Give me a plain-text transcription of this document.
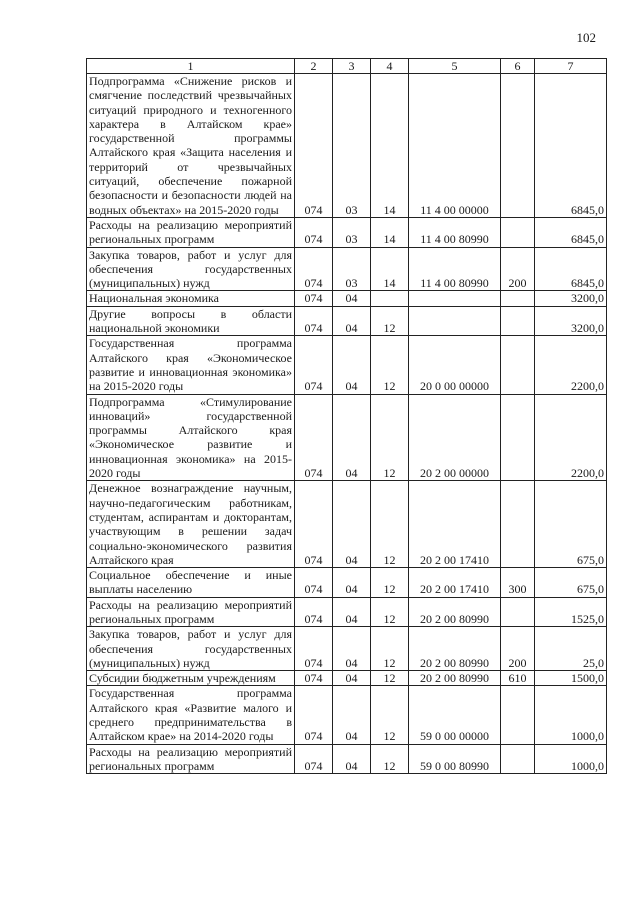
102
1	2	3	4	5	6	7
Подпрограмма «Снижение рисков и смягчение последствий чрезвычайных ситуаций природного и техногенного характера в Алтайском крае» государственной программы Алтайского края «Защита населения и территорий от чрезвычайных ситуаций, обеспечение пожарной безопасности и безопасности людей на водных объектах» на 2015-2020 годы	074	03	14	11 4 00 00000		6845,0
Расходы на реализацию мероприятий региональных программ	074	03	14	11 4 00 80990		6845,0
Закупка товаров, работ и услуг для обеспечения государственных (муниципальных) нужд	074	03	14	11 4 00 80990	200	6845,0
Национальная экономика	074	04				3200,0
Другие вопросы в области национальной экономики	074	04	12			3200,0
Государственная программа Алтайского края «Экономическое развитие и инновационная экономика» на 2015-2020 годы	074	04	12	20 0 00 00000		2200,0
Подпрограмма «Стимулирование инноваций» государственной программы Алтайского края «Экономическое развитие и инновационная экономика» на 2015-2020 годы	074	04	12	20 2 00 00000		2200,0
Денежное вознаграждение научным, научно-педагогическим работникам, студентам, аспирантам и докторантам, участвующим в решении задач социально-экономического развития Алтайского края	074	04	12	20 2 00 17410		675,0
Социальное обеспечение и иные выплаты населению	074	04	12	20 2 00 17410	300	675,0
Расходы на реализацию мероприятий региональных программ	074	04	12	20 2 00 80990		1525,0
Закупка товаров, работ и услуг для обеспечения государственных (муниципальных) нужд	074	04	12	20 2 00 80990	200	25,0
Субсидии бюджетным учреждениям	074	04	12	20 2 00 80990	610	1500,0
Государственная программа Алтайского края «Развитие малого и среднего предпринимательства в Алтайском крае» на 2014-2020 годы	074	04	12	59 0 00 00000		1000,0
Расходы на реализацию мероприятий региональных программ	074	04	12	59 0 00 80990		1000,0
